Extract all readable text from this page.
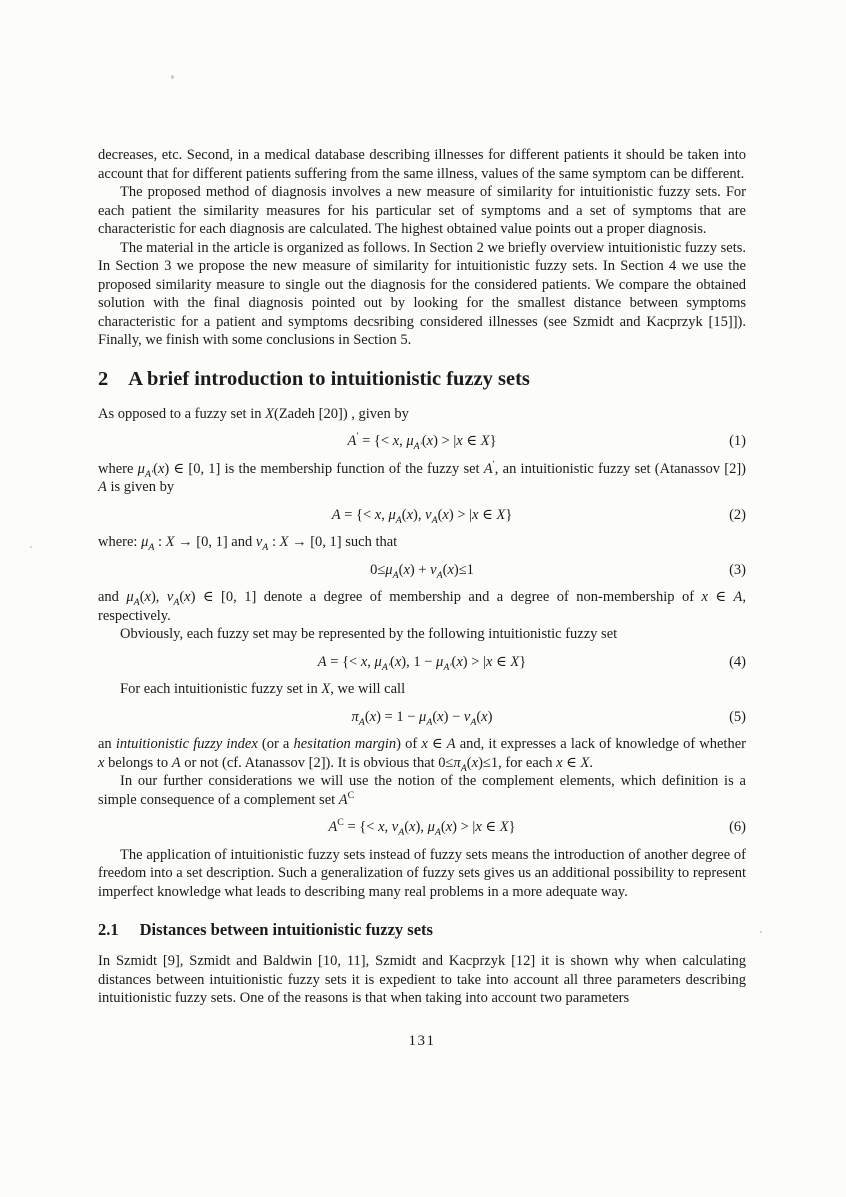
decreases, etc. Second, in a medical database describing illnesses for different patients it should be taken into account that for different patients suffering from the same illness, values of the same symptom can be different.

The proposed method of diagnosis involves a new measure of similarity for intuitionistic fuzzy sets. For each patient the similarity measures for his particular set of symptoms and a set of symptoms that are characteristic for each diagnosis are calculated. The highest obtained value points out a proper diagnosis.

The material in the article is organized as follows. In Section 2 we briefly overview intuitionistic fuzzy sets. In Section 3 we propose the new measure of similarity for intuitionistic fuzzy sets. In Section 4 we use the proposed similarity measure to single out the diagnosis for the considered patients. We compare the obtained solution with the final diagnosis pointed out by looking for the smallest distance between symptoms characteristic for a patient and symptoms decsribing considered illnesses (see Szmidt and Kacprzyk [15]]). Finally, we finish with some conclusions in Section 5.

2 A brief introduction to intuitionistic fuzzy sets

As opposed to a fuzzy set in X(Zadeh [20]) , given by

A′ = {< x, $\mu_{A'}(x) > |x$ ∈ X}	(1)

where $\mu_{A'}(x)$ ∈ [0, 1] is the membership function of the fuzzy set A′, an intuitionistic fuzzy set (Atanassov [2]) A is given by

A = {< x, $\mu_A(x)$, $\nu_A(x) > |x$ ∈ X}	(2)

where: $\mu_A$ : X → [0, 1] and $\nu_A$ : X → [0, 1] such that

$0\le\mu_A(x) + \nu_A(x)\le 1$	(3)

and $\mu_A(x)$, $\nu_A(x)$ ∈ [0, 1] denote a degree of membership and a degree of non-membership of x ∈ A, respectively.

Obviously, each fuzzy set may be represented by the following intuitionistic fuzzy set

A = {< x, $\mu_{A'}(x)$, $1 - \mu_{A'}(x) > |x$ ∈ X}	(4)

For each intuitionistic fuzzy set in X, we will call

$\pi_A(x) = 1 - \mu_A(x) - \nu_A(x)$	(5)

an intuitionistic fuzzy index (or a hesitation margin) of x ∈ A and, it expresses a lack of knowledge of whether x belongs to A or not (cf. Atanassov [2]). It is obvious that $0\le\pi_A(x)\le 1$, for each x ∈ X.

In our further considerations we will use the notion of the complement elements, which definition is a simple consequence of a complement set $A^C$

$A^C$ = {< x, $\nu_A(x)$, $\mu_A(x) > |x$ ∈ X}	(6)

The application of intuitionistic fuzzy sets instead of fuzzy sets means the introduction of another degree of freedom into a set description. Such a generalization of fuzzy sets gives us an additional possibility to represent imperfect knowledge what leads to describing many real problems in a more adequate way.

2.1 Distances between intuitionistic fuzzy sets

In Szmidt [9], Szmidt and Baldwin [10, 11], Szmidt and Kacprzyk [12] it is shown why when calculating distances between intuitionistic fuzzy sets it is expedient to take into account all three parameters describing intuitionistic fuzzy sets. One of the reasons is that when taking into account two parameters

131
